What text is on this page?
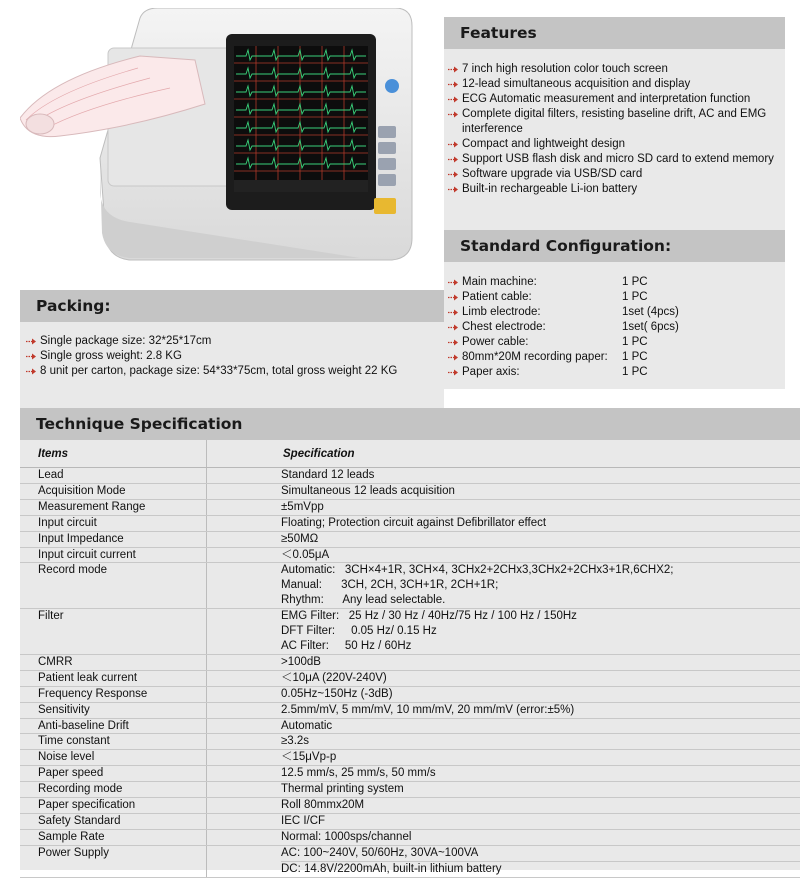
Features
7 inch high resolution color touch screen
12-lead simultaneous acquisition and display
ECG Automatic measurement and interpretation function
Complete digital filters, resisting baseline drift, AC and EMG interference
Compact and lightweight design
Support USB flash disk and micro SD card to extend memory
Software upgrade via USB/SD card
Built-in rechargeable Li-ion battery
Standard Configuration:
Main machine:	1 PC
Patient cable:	1 PC
Limb electrode:	1set (4pcs)
Chest electrode:	1set( 6pcs)
Power cable:	1 PC
80mm*20M recording paper: 1 PC
Paper axis:	1 PC
Packing:
Single package size: 32*25*17cm
Single gross weight: 2.8 KG
8 unit per carton, package size: 54*33*75cm, total gross weight 22 KG
Technique Specification
Items	Specification
Lead	Standard 12 leads
Acquisition Mode	Simultaneous 12 leads acquisition
Measurement Range	±5mVpp
Input circuit	Floating; Protection circuit against Defibrillator effect
Input Impedance	≥50MΩ
Input circuit current	＜0.05μA
Record mode	Automatic:   3CH×4+1R, 3CH×4, 3CHx2+2CHx3,3CHx2+2CHx3+1R,6CHX2;
Manual:      3CH, 2CH, 3CH+1R, 2CH+1R;
Rhythm:      Any lead selectable.
Filter	EMG Filter:   25 Hz / 30 Hz / 40Hz/75 Hz / 100 Hz / 150Hz
DFT Filter:     0.05 Hz/ 0.15 Hz
AC Filter:     50 Hz / 60Hz
CMRR	>100dB
Patient leak current	＜10μA (220V-240V)
Frequency Response	0.05Hz~150Hz (-3dB)
Sensitivity	2.5mm/mV, 5 mm/mV, 10 mm/mV, 20 mm/mV (error:±5%)
Anti-baseline Drift	Automatic
Time constant	≥3.2s
Noise level	＜15μVp-p
Paper speed	12.5 mm/s, 25 mm/s, 50 mm/s
Recording mode	Thermal printing system
Paper specification	Roll 80mmx20M
Safety Standard	IEC I/CF
Sample Rate	Normal: 1000sps/channel
Power Supply	AC: 100~240V, 50/60Hz, 30VA~100VA
DC: 14.8V/2200mAh, built-in lithium battery
